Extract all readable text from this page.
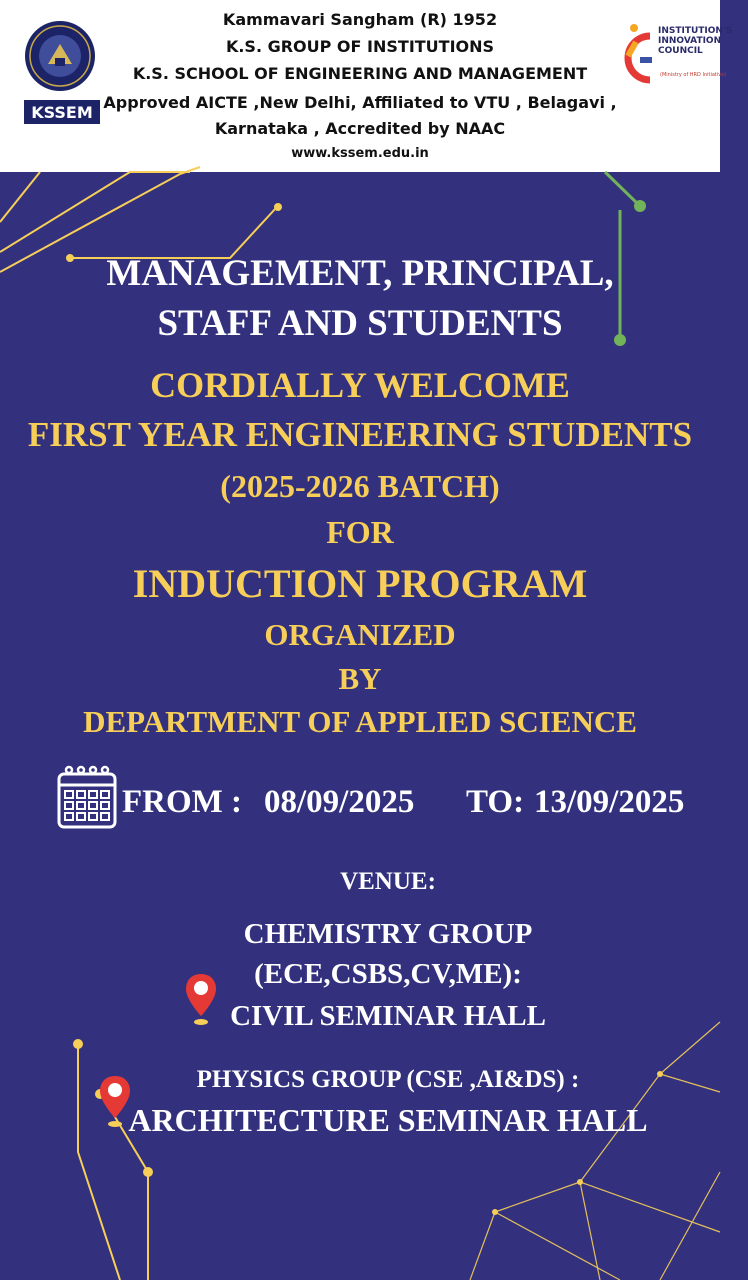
KSSEM
Kammavari Sangham (R) 1952
K.S. GROUP OF INSTITUTIONS
K.S. SCHOOL OF ENGINEERING AND MANAGEMENT
Approved AICTE ,New Delhi, Affiliated to VTU , Belagavi ,
Karnataka , Accredited by NAAC
www.kssem.edu.in
INSTITUTION'S
INNOVATION
COUNCIL
(Ministry of HRD Initiative)
MANAGEMENT, PRINCIPAL,
STAFF AND STUDENTS
CORDIALLY WELCOME
FIRST YEAR ENGINEERING STUDENTS
(2025-2026 BATCH)
FOR
INDUCTION PROGRAM
ORGANIZED
BY
DEPARTMENT OF APPLIED SCIENCE
FROM : 08/09/2025 TO: 13/09/2025
VENUE:
CHEMISTRY GROUP
(ECE,CSBS,CV,ME):
CIVIL SEMINAR HALL
PHYSICS GROUP (CSE ,AI&DS) :
ARCHITECTURE SEMINAR HALL
